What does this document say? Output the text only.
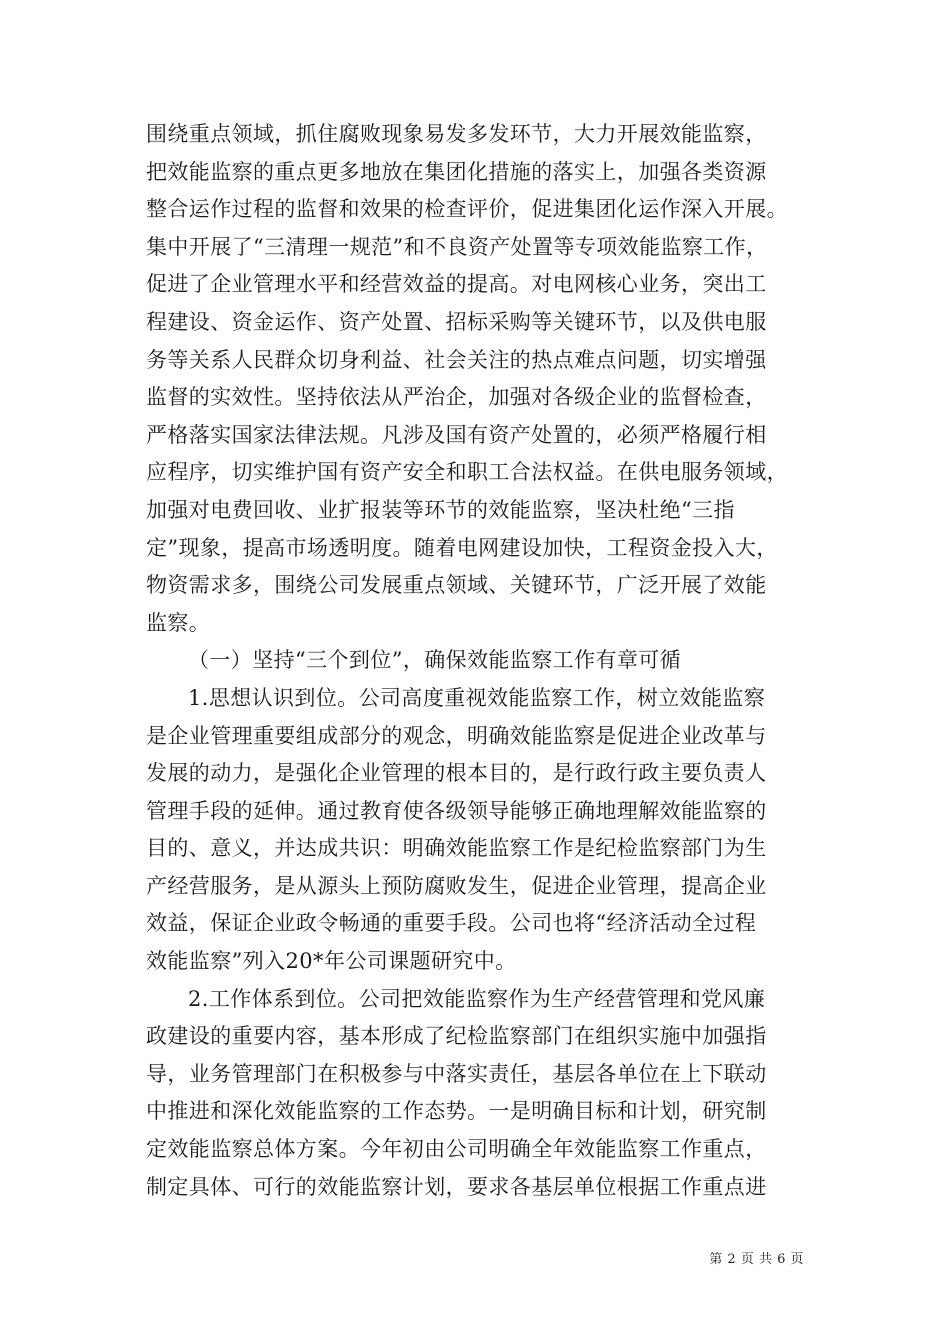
围绕重点领域，抓住腐败现象易发多发环节，大力开展效能监察，
把效能监察的重点更多地放在集团化措施的落实上，加强各类资源
整合运作过程的监督和效果的检查评价，促进集团化运作深入开展。
集中开展了“三清理一规范”和不良资产处置等专项效能监察工作，
促进了企业管理水平和经营效益的提高。对电网核心业务，突出工
程建设、资金运作、资产处置、招标采购等关键环节，以及供电服
务等关系人民群众切身利益、社会关注的热点难点问题，切实增强
监督的实效性。坚持依法从严治企，加强对各级企业的监督检查，
严格落实国家法律法规。凡涉及国有资产处置的，必须严格履行相
应程序，切实维护国有资产安全和职工合法权益。在供电服务领域，
加强对电费回收、业扩报装等环节的效能监察，坚决杜绝“三指
定”现象，提高市场透明度。随着电网建设加快，工程资金投入大，
物资需求多，围绕公司发展重点领域、关键环节，广泛开展了效能
监察。
（一）坚持“三个到位”，确保效能监察工作有章可循
1.思想认识到位。公司高度重视效能监察工作，树立效能监察
是企业管理重要组成部分的观念，明确效能监察是促进企业改革与
发展的动力，是强化企业管理的根本目的，是行政行政主要负责人
管理手段的延伸。通过教育使各级领导能够正确地理解效能监察的
目的、意义，并达成共识：明确效能监察工作是纪检监察部门为生
产经营服务，是从源头上预防腐败发生，促进企业管理，提高企业
效益，保证企业政令畅通的重要手段。公司也将“经济活动全过程
效能监察”列入20*年公司课题研究中。
2.工作体系到位。公司把效能监察作为生产经营管理和党风廉
政建设的重要内容，基本形成了纪检监察部门在组织实施中加强指
导，业务管理部门在积极参与中落实责任，基层各单位在上下联动
中推进和深化效能监察的工作态势。一是明确目标和计划，研究制
定效能监察总体方案。今年初由公司明确全年效能监察工作重点，
制定具体、可行的效能监察计划，要求各基层单位根据工作重点进
第 2 页 共 6 页
